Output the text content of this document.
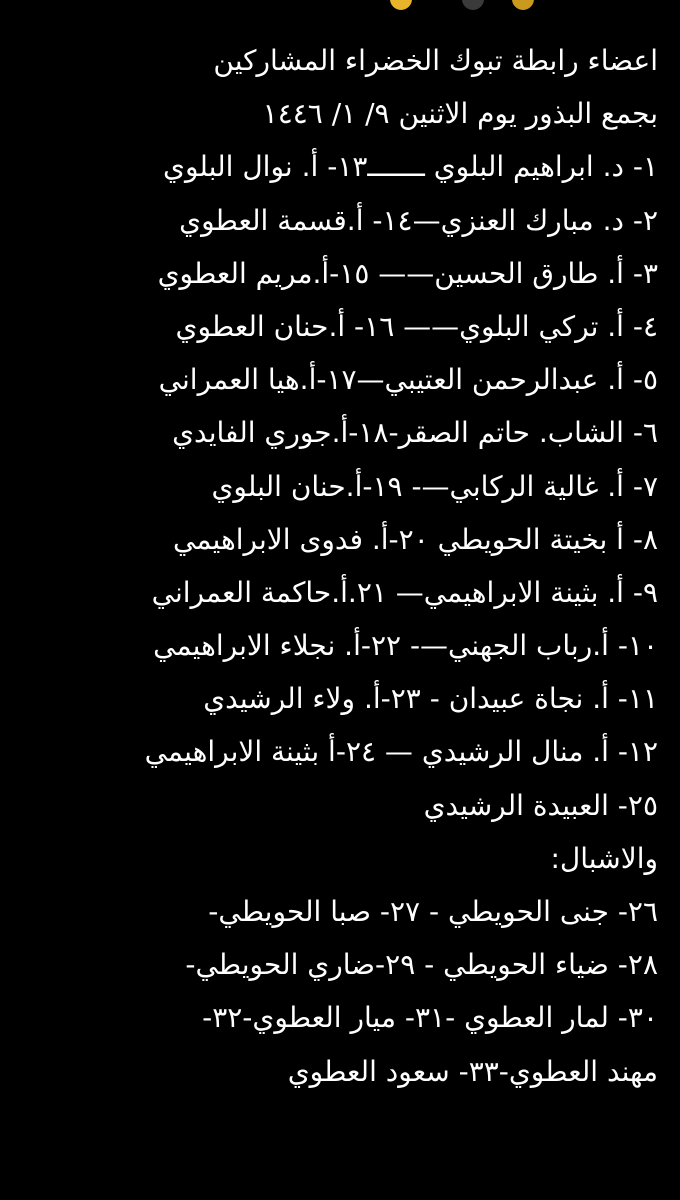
اعضاء رابطة تبوك الخضراء المشاركين
بجمع البذور يوم الاثنين ٩/ ١/ ١٤٤٦
١- د. ابراهيم البلوي ـــــــ١٣- أ. نوال البلوي
٢- د. مبارك العنزي—١٤- أ.قسمة العطوي
٣- أ. طارق الحسين—— ١٥-أ.مريم العطوي
٤- أ. تركي البلوي—— ١٦- أ.حنان العطوي
٥- أ. عبدالرحمن العتيبي—١٧-أ.هيا العمراني
٦- الشاب. حاتم الصقر-١٨-أ.جوري الفايدي
٧- أ. غالية الركابي—- ١٩-أ.حنان البلوي
٨- أ بخيتة الحويطي ٢٠-أ. فدوى الابراهيمي
٩- أ. بثينة الابراهيمي— ٢١.أ.حاكمة العمراني
١٠- أ.رباب الجهني—- ٢٢-أ. نجلاء الابراهيمي
١١- أ. نجاة عبيدان - ٢٣-أ. ولاء الرشيدي
١٢- أ. منال الرشيدي — ٢٤-أ بثينة الابراهيمي
٢٥- العبيدة الرشيدي
والاشبال:
٢٦- جنى الحويطي - ٢٧- صبا الحويطي-
٢٨- ضياء الحويطي - ٢٩-ضاري الحويطي-
٣٠- لمار العطوي -٣١- ميار العطوي-٣٢-
مهند العطوي-٣٣- سعود العطوي
